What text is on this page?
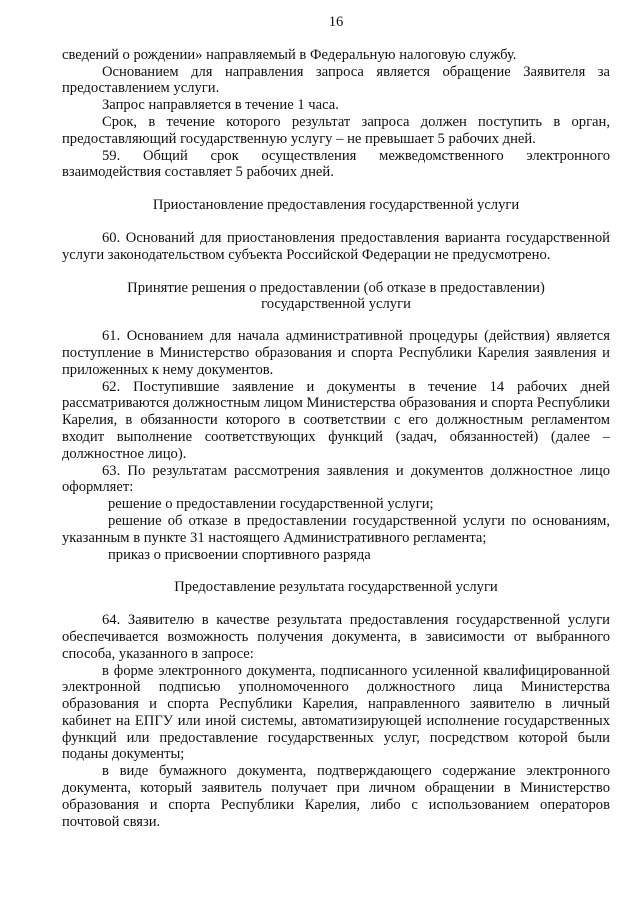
16

сведений о рождении» направляемый в Федеральную налоговую службу.

Основанием для направления запроса является обращение Заявителя за предоставлением услуги.

Запрос направляется в течение 1 часа.

Срок, в течение которого результат запроса должен поступить в орган, предоставляющий государственную услугу – не превышает 5 рабочих дней.

59. Общий срок осуществления межведомственного электронного взаимодействия составляет 5 рабочих дней.

Приостановление предоставления государственной услуги

60. Оснований для приостановления предоставления варианта государственной услуги законодательством субъекта Российской Федерации не предусмотрено.

Принятие решения о предоставлении (об отказе в предоставлении)
государственной услуги

61. Основанием для начала административной процедуры (действия) является поступление в Министерство образования и спорта Республики Карелия заявления и приложенных к нему документов.

62. Поступившие заявление и документы в течение 14 рабочих дней рассматриваются должностным лицом Министерства образования и спорта Республики Карелия, в обязанности которого в соответствии с его должностным регламентом входит выполнение соответствующих функций (задач, обязанностей) (далее – должностное лицо).

63. По результатам рассмотрения заявления и документов должностное лицо оформляет:

решение о предоставлении государственной услуги;

решение об отказе в предоставлении государственной услуги по основаниям, указанным в пункте 31 настоящего Административного регламента;

приказ о присвоении спортивного разряда

Предоставление результата государственной услуги

64. Заявителю в качестве результата предоставления государственной услуги обеспечивается возможность получения документа, в зависимости от выбранного способа, указанного в запросе:

в форме электронного документа, подписанного усиленной квалифицированной электронной подписью уполномоченного должностного лица Министерства образования и спорта Республики Карелия, направленного заявителю в личный кабинет на ЕПГУ или иной системы, автоматизирующей исполнение государственных функций или предоставление государственных услуг, посредством которой были поданы документы;

в виде бумажного документа, подтверждающего содержание электронного документа, который заявитель получает при личном обращении в Министерство образования и спорта Республики Карелия, либо с использованием операторов почтовой связи.
